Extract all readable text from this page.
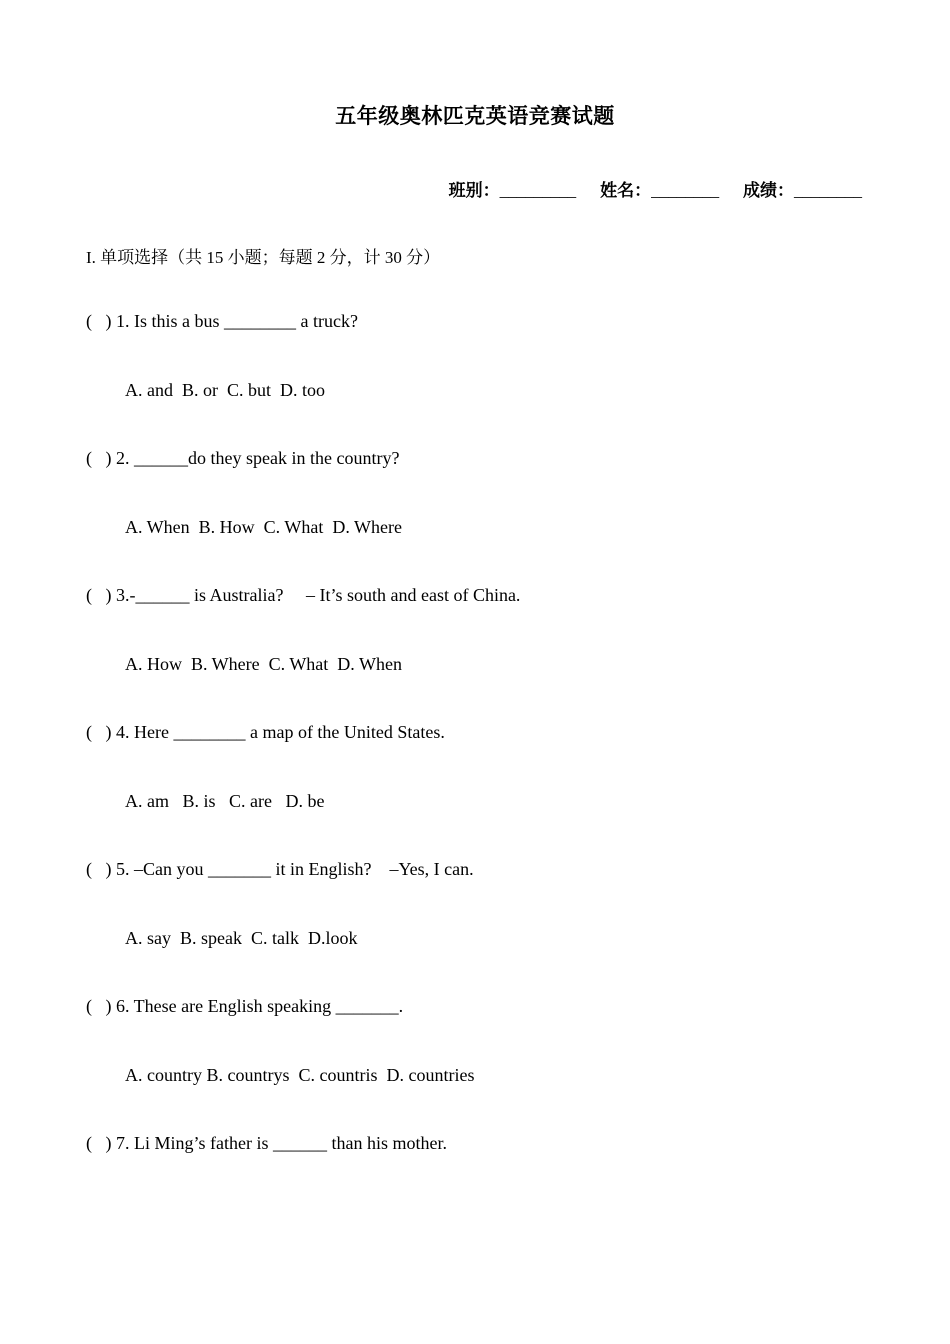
五年级奥林匹克英语竞赛试题
班别：_________ 姓名：________ 成绩：________
I. 单项选择（共 15 小题；每题 2 分，计 30 分）
(   ) 1. Is this a bus ________ a truck?
A. and  B. or  C. but  D. too
(   ) 2. ______do they speak in the country?
A. When  B. How  C. What  D. Where
(   ) 3.-______ is Australia?     – It’s south and east of China.
A. How  B. Where  C. What  D. When
(   ) 4. Here ________ a map of the United States.
A. am   B. is   C. are   D. be
(   ) 5. –Can you _______ it in English?    –Yes, I can.
A. say  B. speak  C. talk  D.look
(   ) 6. These are English speaking _______.
A. country B. countrys  C. countris  D. countries
(   ) 7. Li Ming’s father is ______ than his mother.
